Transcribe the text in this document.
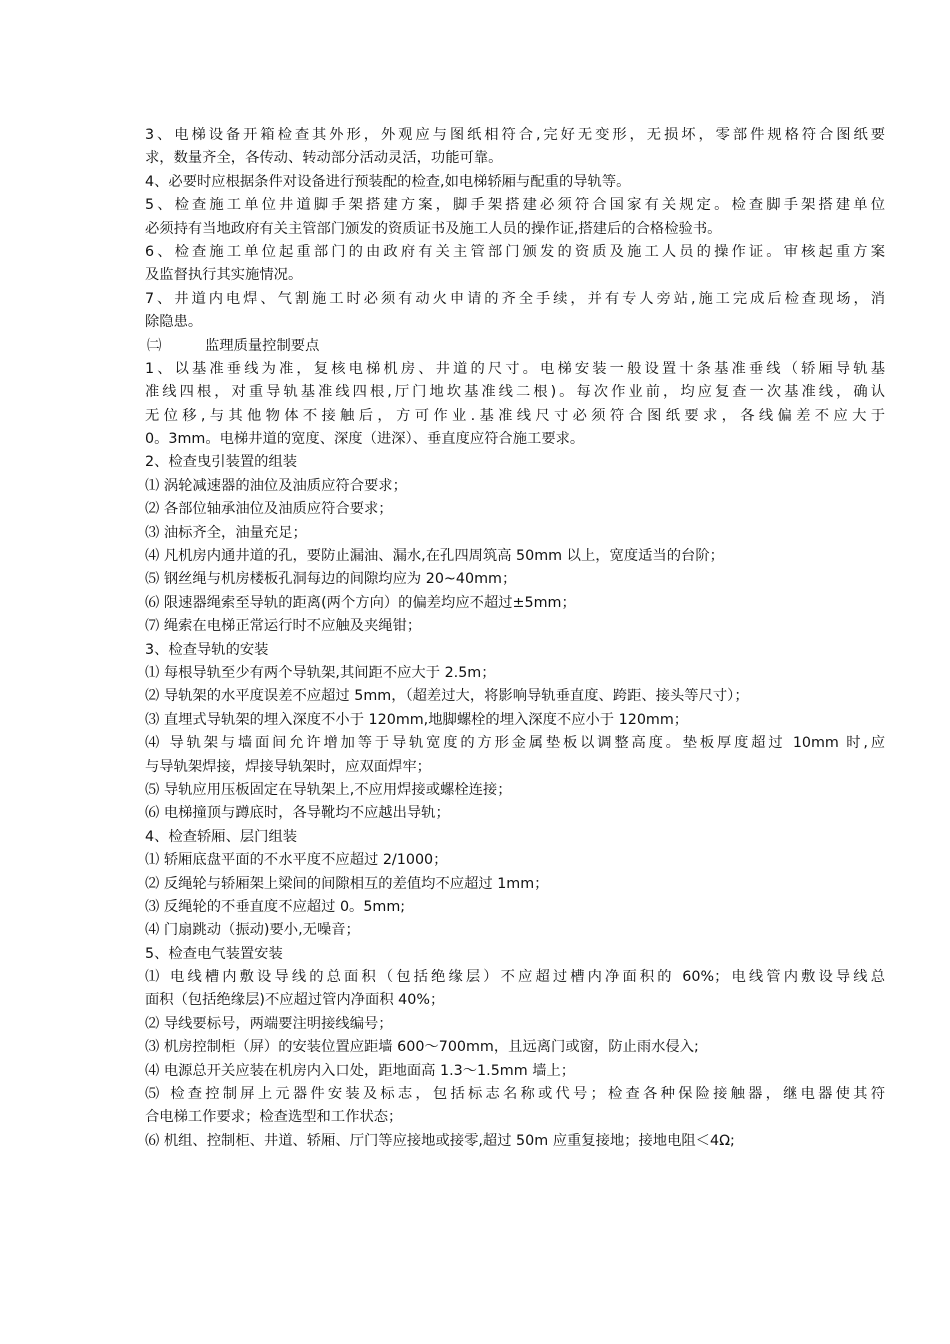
3、电梯设备开箱检查其外形，外观应与图纸相符合,完好无变形，无损坏，零部件规格符合图纸要
求，数量齐全，各传动、转动部分活动灵活，功能可靠。
4、必要时应根据条件对设备进行预装配的检查,如电梯轿厢与配重的导轨等。
5、检查施工单位井道脚手架搭建方案，脚手架搭建必须符合国家有关规定。检查脚手架搭建单位
必须持有当地政府有关主管部门颁发的资质证书及施工人员的操作证,搭建后的合格检验书。
6、检查施工单位起重部门的由政府有关主管部门颁发的资质及施工人员的操作证。审核起重方案
及监督执行其实施情况。
7、井道内电焊、气割施工时必须有动火申请的齐全手续，并有专人旁站,施工完成后检查现场，消
除隐患。
㈡	监理质量控制要点
1、以基准垂线为准，复核电梯机房、井道的尺寸。电梯安装一般设置十条基准垂线（轿厢导轨基
准线四根，对重导轨基准线四根,厅门地坎基准线二根)。每次作业前，均应复查一次基准线，确认
无位移,与其他物体不接触后，方可作业.基准线尺寸必须符合图纸要求，各线偏差不应大于
0。3mm。电梯井道的宽度、深度（进深）、垂直度应符合施工要求。
2、检查曳引装置的组装
⑴ 涡轮减速器的油位及油质应符合要求；
⑵ 各部位轴承油位及油质应符合要求；
⑶ 油标齐全，油量充足；
⑷ 凡机房内通井道的孔，要防止漏油、漏水,在孔四周筑高 50mm 以上，宽度适当的台阶；
⑸ 钢丝绳与机房楼板孔洞每边的间隙均应为 20~40mm；
⑹ 限速器绳索至导轨的距离(两个方向）的偏差均应不超过±5mm；
⑺ 绳索在电梯正常运行时不应触及夹绳钳；
3、检查导轨的安装
⑴ 每根导轨至少有两个导轨架,其间距不应大于 2.5m；
⑵ 导轨架的水平度误差不应超过 5mm，（超差过大，将影响导轨垂直度、跨距、接头等尺寸）；
⑶ 直埋式导轨架的埋入深度不小于 120mm,地脚螺栓的埋入深度不应小于 120mm；
⑷ 导轨架与墙面间允许增加等于导轨宽度的方形金属垫板以调整高度。垫板厚度超过 10mm 时,应
与导轨架焊接，焊接导轨架时，应双面焊牢；
⑸ 导轨应用压板固定在导轨架上,不应用焊接或螺栓连接；
⑹ 电梯撞顶与蹲底时，各导靴均不应越出导轨；
4、检查轿厢、层门组装
⑴ 轿厢底盘平面的不水平度不应超过 2/1000；
⑵ 反绳轮与轿厢架上梁间的间隙相互的差值均不应超过 1mm；
⑶ 反绳轮的不垂直度不应超过 0。5mm;
⑷ 门扇跳动（振动)要小,无噪音；
5、检查电气装置安装
⑴ 电线槽内敷设导线的总面积（包括绝缘层）不应超过槽内净面积的 60%；电线管内敷设导线总
面积（包括绝缘层)不应超过管内净面积 40%；
⑵ 导线要标号，两端要注明接线编号；
⑶ 机房控制柜（屏）的安装位置应距墙 600～700mm，且远离门或窗，防止雨水侵入;
⑷ 电源总开关应装在机房内入口处，距地面高 1.3～1.5mm 墙上；
⑸ 检查控制屏上元器件安装及标志，包括标志名称或代号；检查各种保险接触器，继电器使其符
合电梯工作要求；检查选型和工作状态；
⑹ 机组、控制柜、井道、轿厢、厅门等应接地或接零,超过 50m 应重复接地；接地电阻＜4Ω;
